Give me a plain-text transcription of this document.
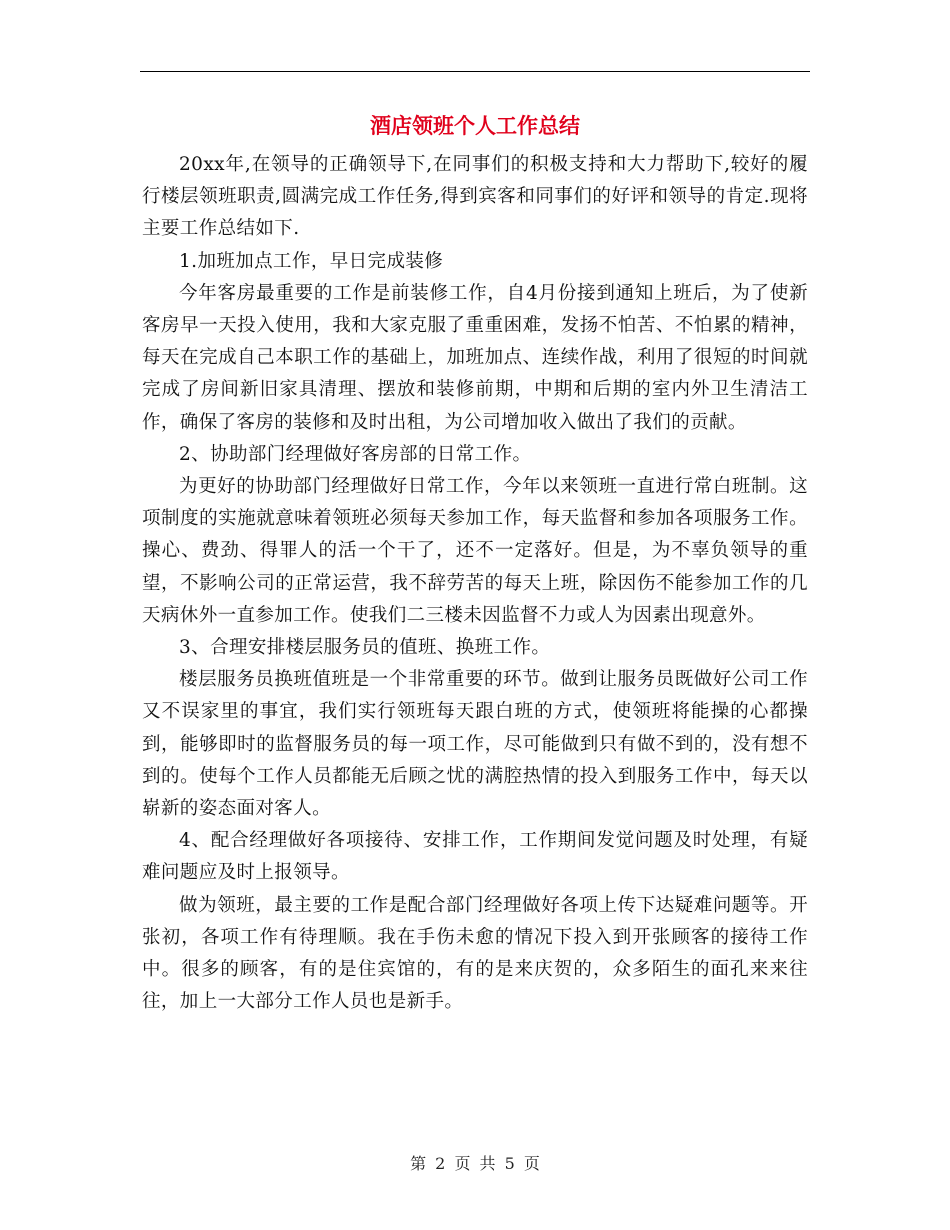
酒店领班个人工作总结

20xx年,在领导的正确领导下,在同事们的积极支持和大力帮助下,较好的履行楼层领班职责,圆满完成工作任务,得到宾客和同事们的好评和领导的肯定.现将主要工作总结如下.

1.加班加点工作，早日完成装修

今年客房最重要的工作是前装修工作，自4月份接到通知上班后，为了使新客房早一天投入使用，我和大家克服了重重困难，发扬不怕苦、不怕累的精神，每天在完成自己本职工作的基础上，加班加点、连续作战，利用了很短的时间就完成了房间新旧家具清理、摆放和装修前期，中期和后期的室内外卫生清洁工作，确保了客房的装修和及时出租，为公司增加收入做出了我们的贡献。

2、协助部门经理做好客房部的日常工作。

为更好的协助部门经理做好日常工作，今年以来领班一直进行常白班制。这项制度的实施就意味着领班必须每天参加工作，每天监督和参加各项服务工作。操心、费劲、得罪人的活一个干了，还不一定落好。但是，为不辜负领导的重望，不影响公司的正常运营，我不辞劳苦的每天上班，除因伤不能参加工作的几天病休外一直参加工作。使我们二三楼未因监督不力或人为因素出现意外。

3、合理安排楼层服务员的值班、换班工作。

楼层服务员换班值班是一个非常重要的环节。做到让服务员既做好公司工作又不误家里的事宜，我们实行领班每天跟白班的方式，使领班将能操的心都操到，能够即时的监督服务员的每一项工作，尽可能做到只有做不到的，没有想不到的。使每个工作人员都能无后顾之忧的满腔热情的投入到服务工作中，每天以崭新的姿态面对客人。

4、配合经理做好各项接待、安排工作，工作期间发觉问题及时处理，有疑难问题应及时上报领导。

做为领班，最主要的工作是配合部门经理做好各项上传下达疑难问题等。开张初，各项工作有待理顺。我在手伤未愈的情况下投入到开张顾客的接待工作中。很多的顾客，有的是住宾馆的，有的是来庆贺的，众多陌生的面孔来来往往，加上一大部分工作人员也是新手。

第 2 页 共 5 页
